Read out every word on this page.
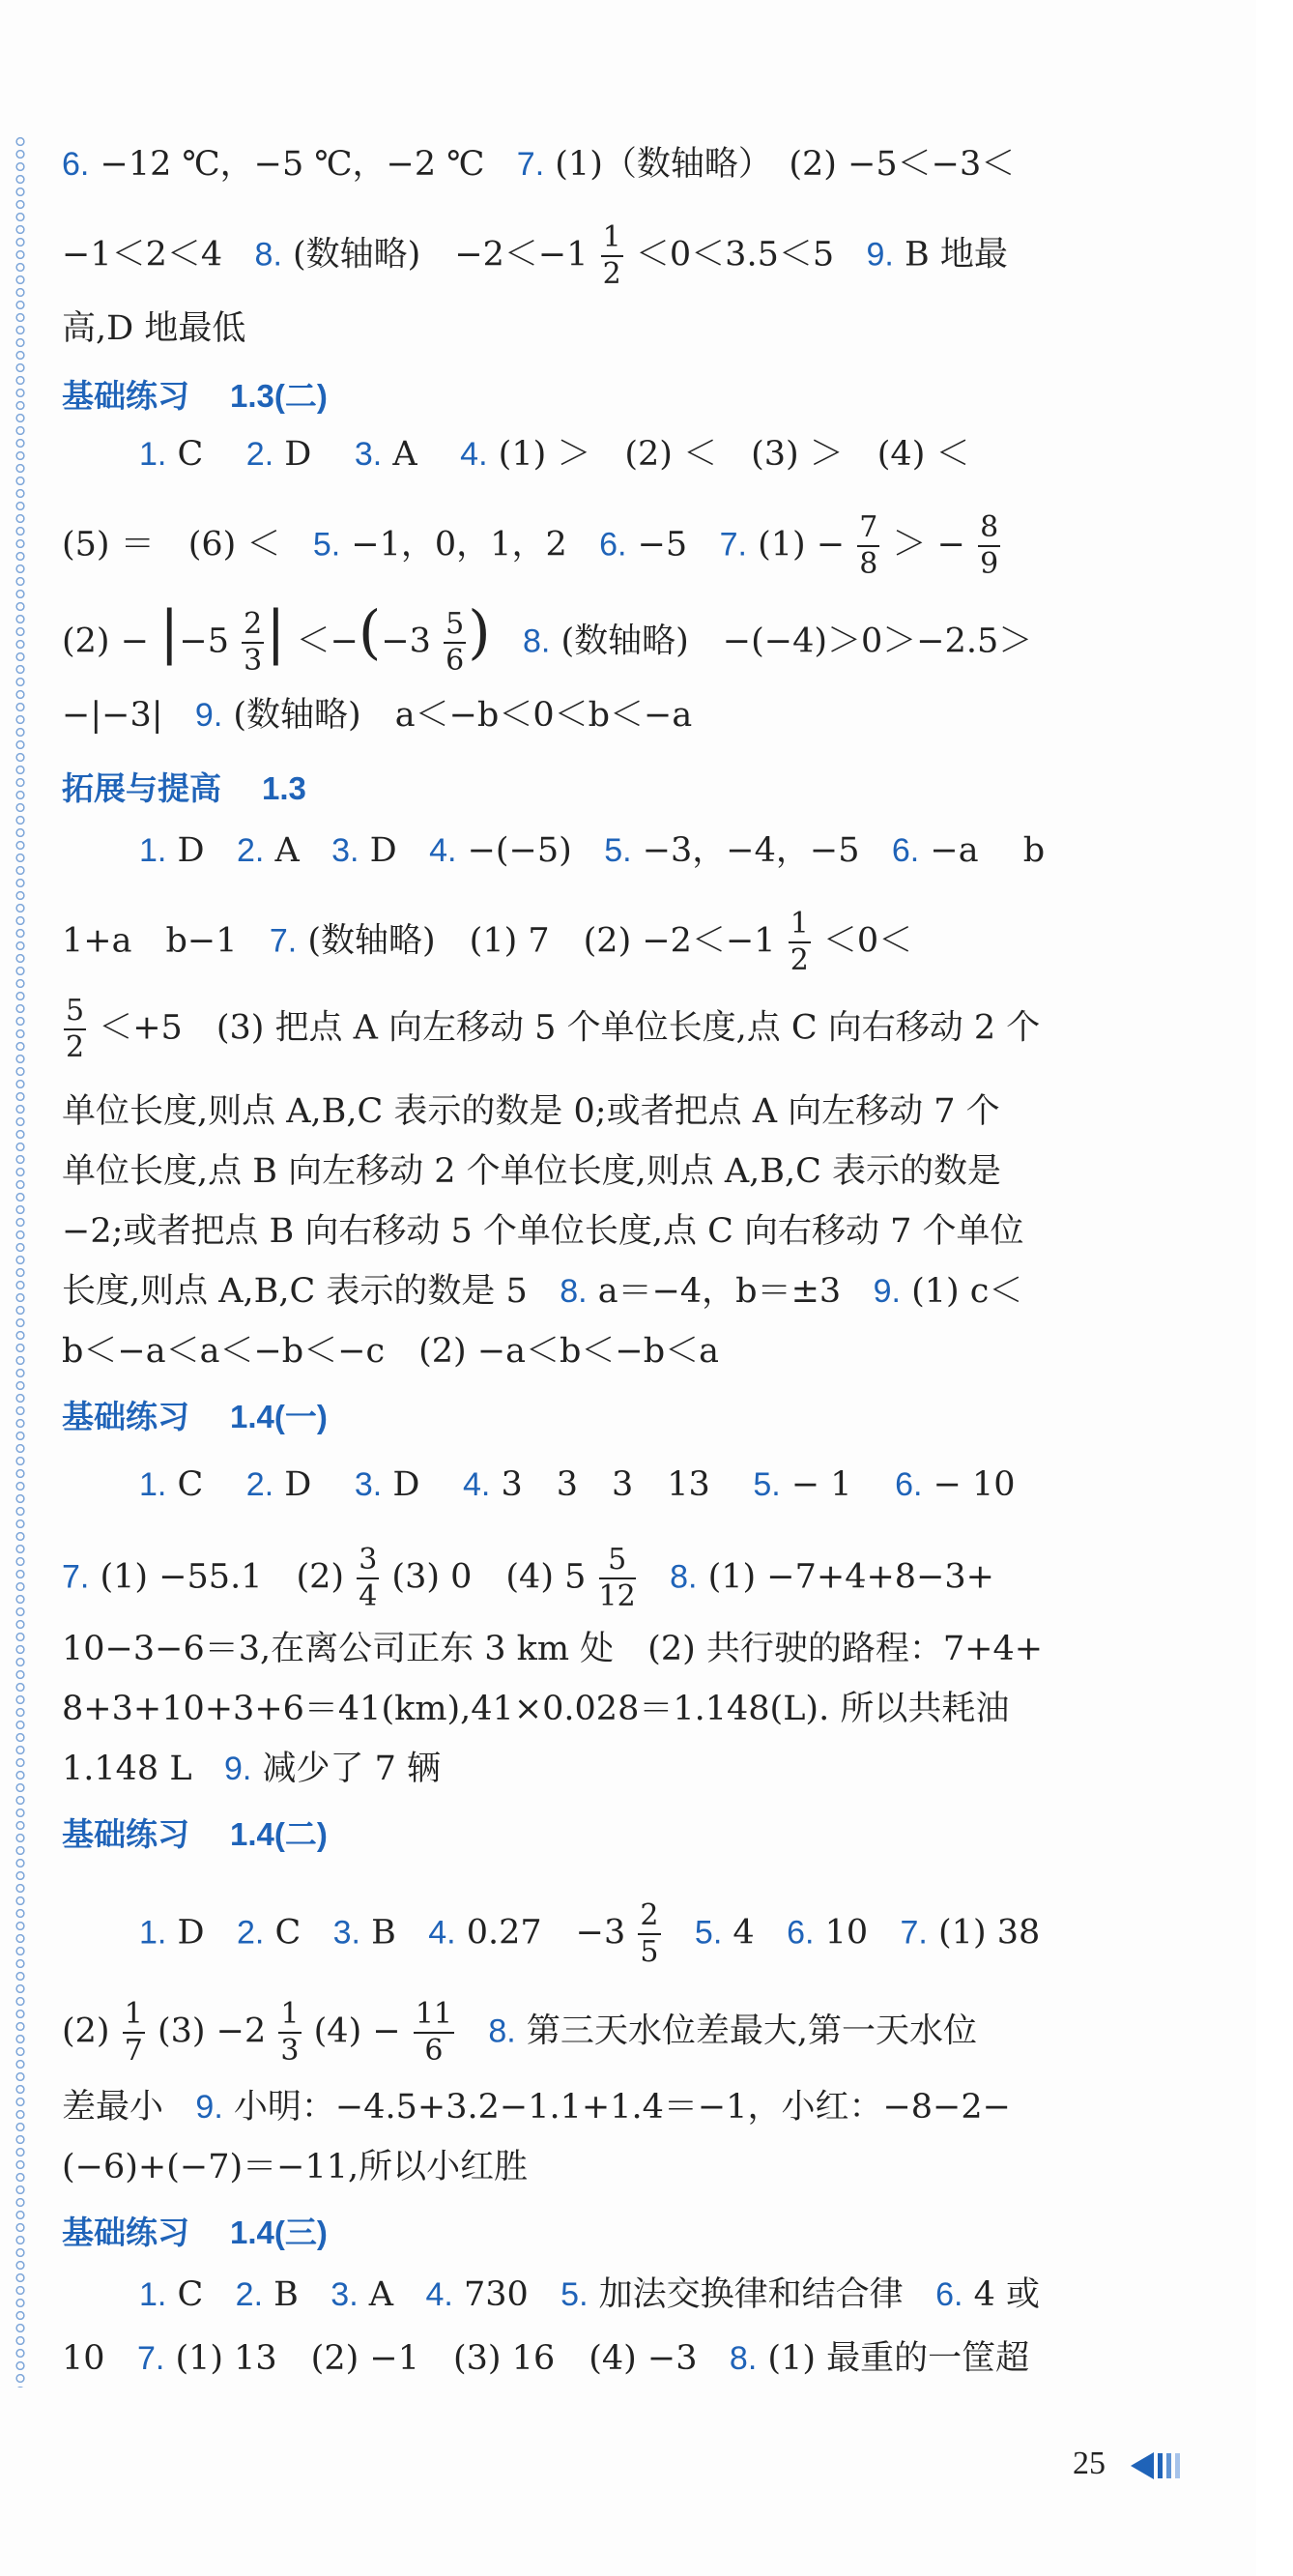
6. −12 ℃，−5 ℃，−2 ℃ 7. (1)（数轴略）　(2) −5＜−3＜
−1＜2＜4 8. (数轴略)　$-2<-1 \frac{1}{2} <0<3.5<5$ 9. B 地最
高,D 地最低
基础练习 1.3(二)
1. C 2. D 3. A 4. (1) ＞　(2) ＜　(3) ＞　(4) ＜
(5) ＝　(6) ＜ 5. −1，0，1，2 6. −5 7. $(1) - \frac{7}{8}$ ＞ − $\frac{8}{9}$
$(2) - |-5 \frac{2}{3}$ | $<-(-3 \frac{5}{6}$ ) 8. (数轴略)　−(−4)＞0＞−2.5＞
−|−3| 9. (数轴略)　a＜−b＜0＜b＜−a
拓展与提高 1.3
1. D 2. A 3. D 4. −(−5) 5. −3，−4，−5 6. −a　 b
1+a　b−1 7. (数轴略)　(1) 7　$(2) -2<-1 \frac{1}{2} <0<$
$\frac{5}{2} <+5$　(3) 把点 A 向左移动 5 个单位长度,点 C 向右移动 2 个
单位长度,则点 A,B,C 表示的数是 0;或者把点 A 向左移动 7 个
单位长度,点 B 向左移动 2 个单位长度,则点 A,B,C 表示的数是
−2;或者把点 B 向右移动 5 个单位长度,点 C 向右移动 7 个单位
长度,则点 A,B,C 表示的数是 5 8. a＝−4，b＝±3 9. (1) c＜
b＜−a＜a＜−b＜−c　(2) −a＜b＜−b＜a
基础练习 1.4(一)
1. C 2. D 3. D 4. 3　3　3　13 5. − 1 6. − 10
7. (1) −55.1　$(2) \frac{3}{4} (3)$ 0　(4) $5 \frac{5}{12} 8$. (1) −7+4+8−3+
10−3−6＝3,在离公司正东 3 km 处　(2) 共行驶的路程：7+4+
8+3+10+3+6＝41(km),41×0.028＝1.148(L). 所以共耗油
1.148 L 9. 减少了 7 辆
基础练习 1.4(二)
1. D 2. C 3. B 4. 0.27　$-3 \frac{2}{5} 5$. 4 6. 10 7. (1) 38
$(2) \frac{1}{7} (3) -2 \frac{1}{3} (4) - \frac{11}{6} 8$. 第三天水位差最大,第一天水位
差最小 9. 小明：−4.5+3.2−1.1+1.4＝−1，小红：−8−2−
(−6)+(−7)＝−11,所以小红胜
基础练习 1.4(三)
1. C 2. B 3. A 4. 730 5. 加法交换律和结合律 6. 4 或
10 7. (1) 13　(2) −1　(3) 16　(4) −3 8. (1) 最重的一筐超
25
